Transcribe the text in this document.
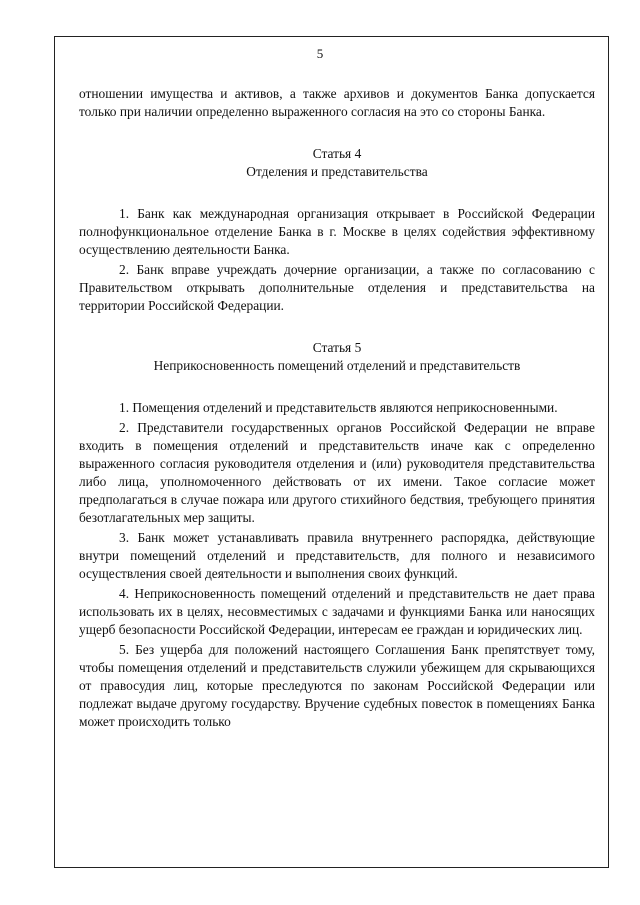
5

отношении имущества и активов, а также архивов и документов Банка допускается только при наличии определенно выраженного согласия на это со стороны Банка.

Статья 4

Отделения и представительства

1. Банк как международная организация открывает в Российской Федерации полнофункциональное отделение Банка в г. Москве в целях содействия эффективному осуществлению деятельности Банка.

2. Банк вправе учреждать дочерние организации, а также по согласованию с Правительством открывать дополнительные отделения и представительства на территории Российской Федерации.

Статья 5

Неприкосновенность помещений отделений и представительств

1. Помещения отделений и представительств являются неприкосновенными.

2. Представители государственных органов Российской Федерации не вправе входить в помещения отделений и представительств иначе как с определенно выраженного согласия руководителя отделения и (или) руководителя представительства либо лица, уполномоченного действовать от их имени. Такое согласие может предполагаться в случае пожара или другого стихийного бедствия, требующего принятия безотлагательных мер защиты.

3. Банк может устанавливать правила внутреннего распорядка, действующие внутри помещений отделений и представительств, для полного и независимого осуществления своей деятельности и выполнения своих функций.

4. Неприкосновенность помещений отделений и представительств не дает права использовать их в целях, несовместимых с задачами и функциями Банка или наносящих ущерб безопасности Российской Федерации, интересам ее граждан и юридических лиц.

5. Без ущерба для положений настоящего Соглашения Банк препятствует тому, чтобы помещения отделений и представительств служили убежищем для скрывающихся от правосудия лиц, которые преследуются по законам Российской Федерации или подлежат выдаче другому государству. Вручение судебных повесток в помещениях Банка может происходить только
